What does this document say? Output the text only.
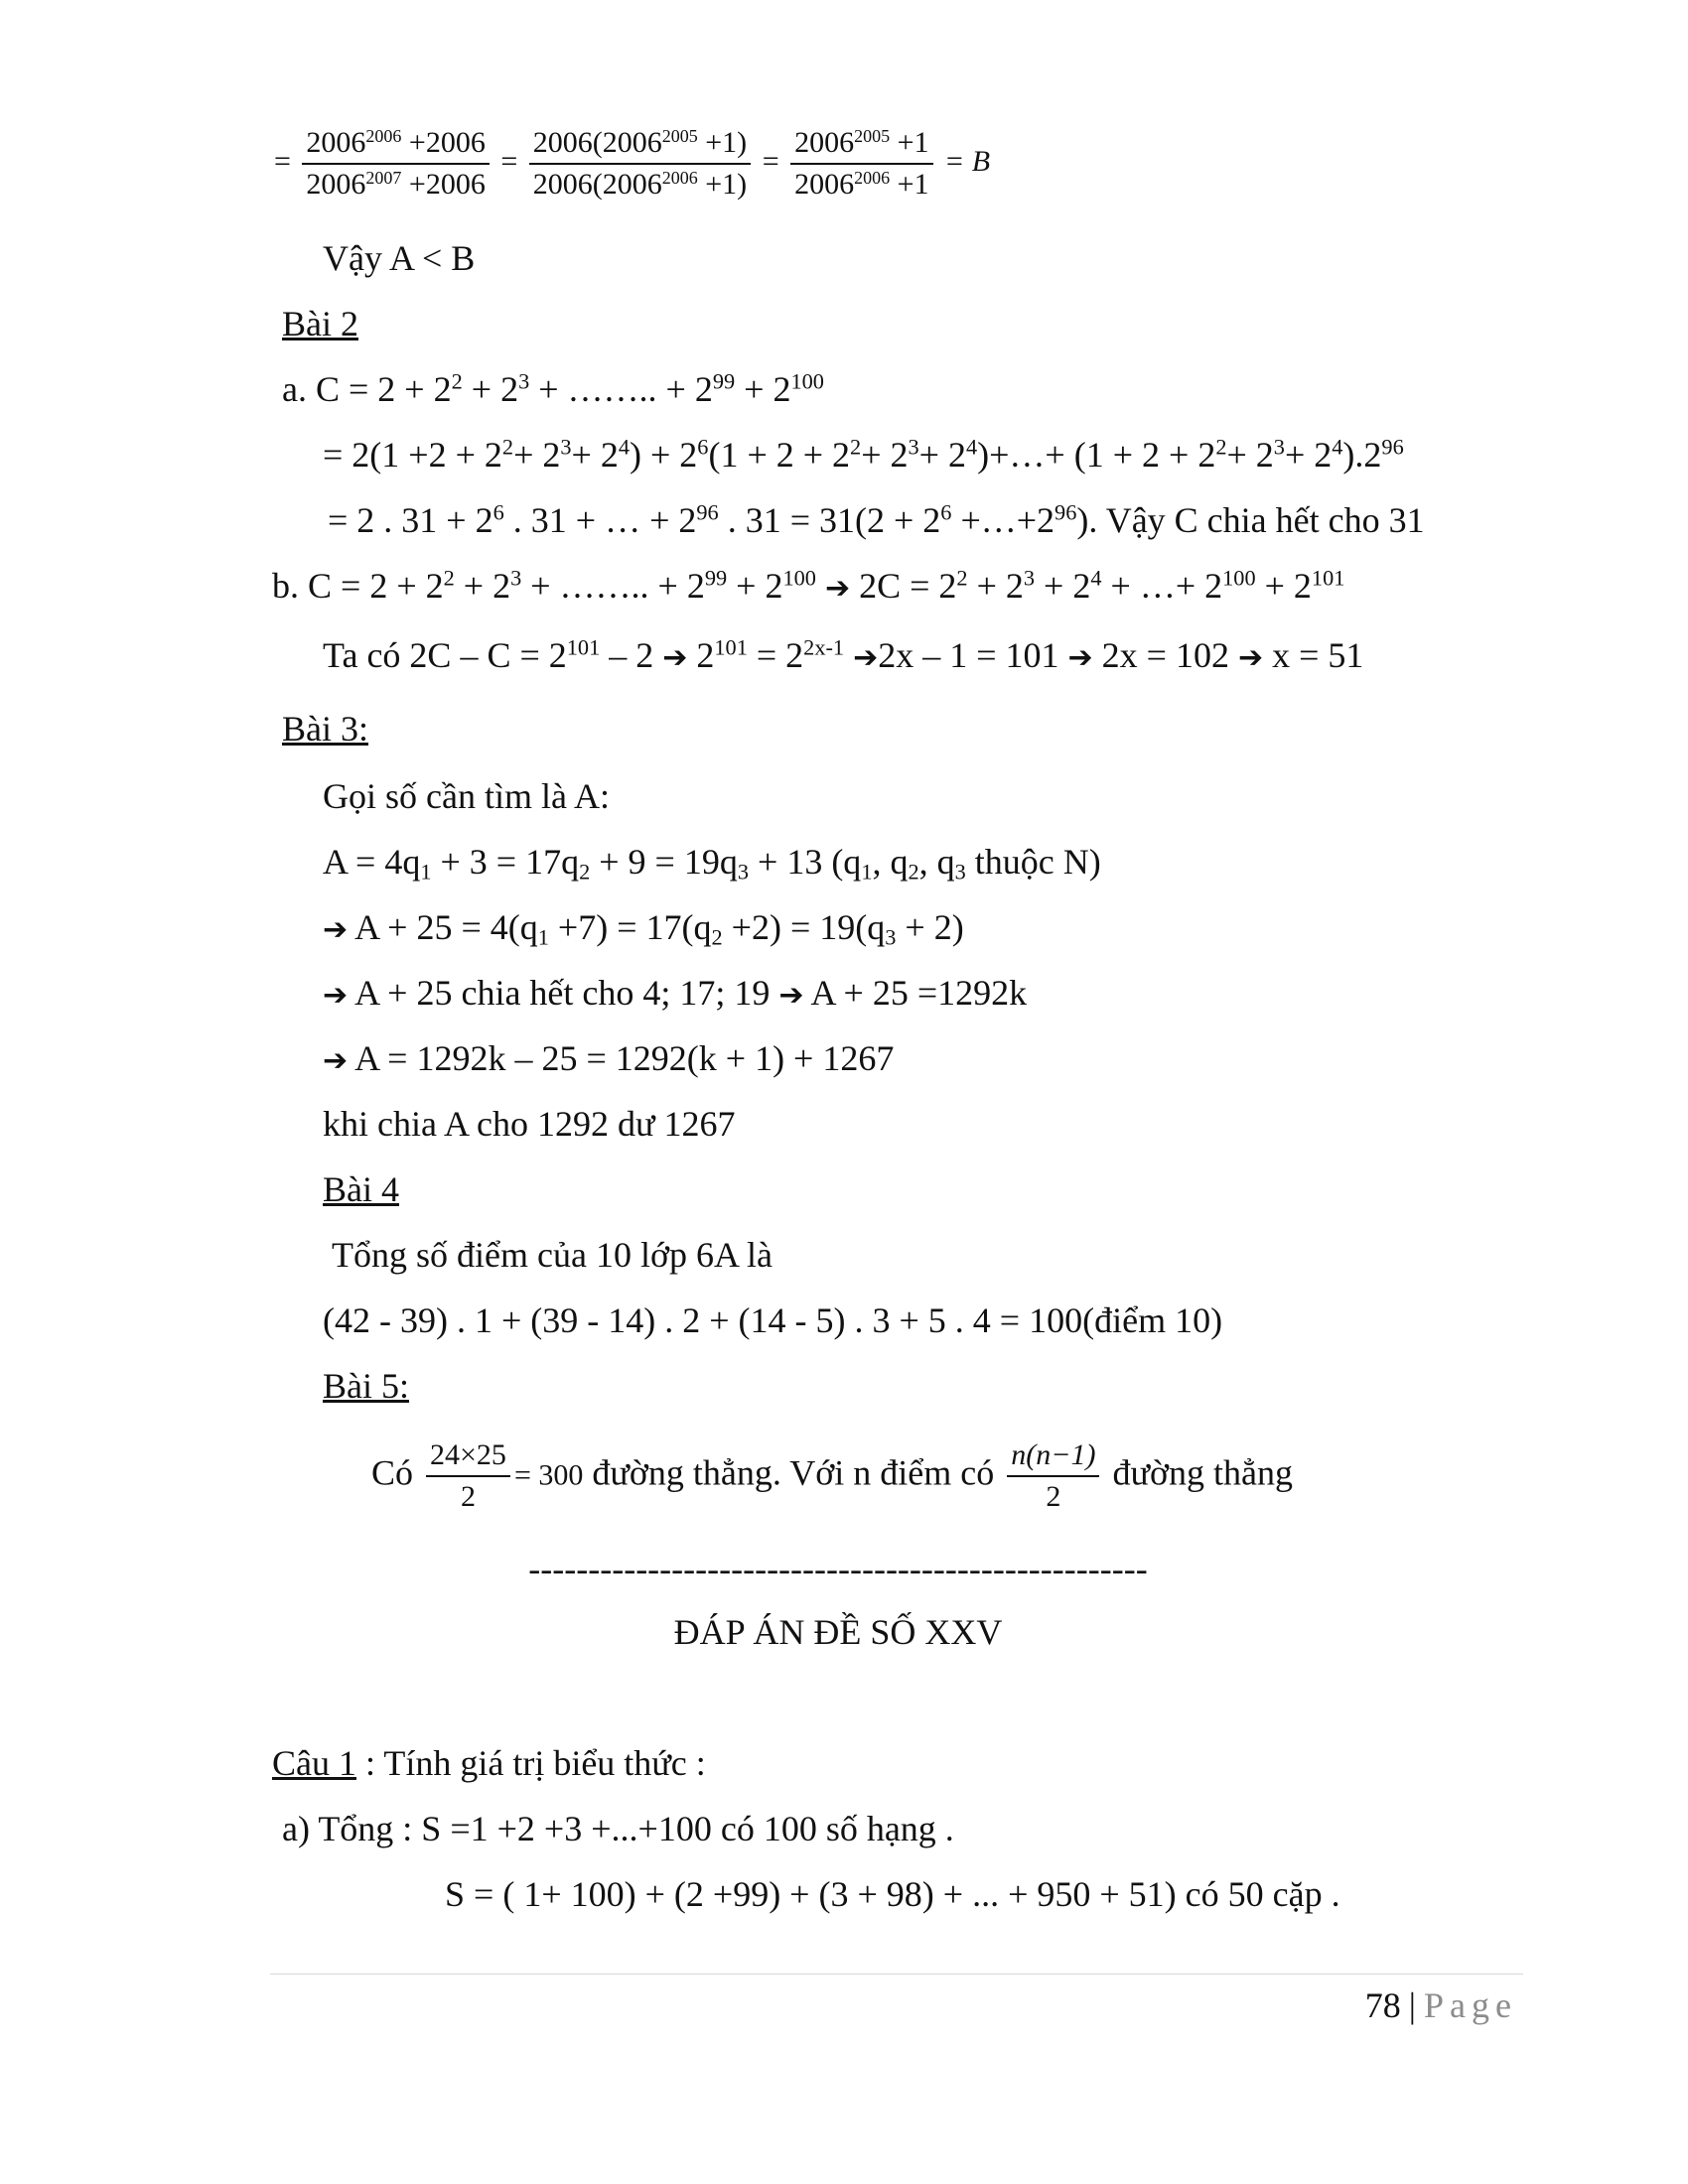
= $\frac{2006^{2006} +2006}{2006^{2007} +2006} = \frac{2006(2006^{2005} +1)}{2006(2006^{2006} +1)} = \frac{2006^{2005} +1}{2006^{2006} +1} = B$
Vậy A < B
Bài 2
a. $C = 2 + 2^2 + 2^3$ + …….. + $2^{99} + 2^{100}$
= $2(1 +2 + 2^2+ 2^3+ 2^4) + 2^6(1 + 2 + 2^2+ 2^3+$ $2^4)+\dots+ (1 + 2 + 2^2+ 2^3+ 2^4).2^{96}$
= 2 . $31 + 2^6$ . 31 + … + $2^{96}$ . $31 = 31(2 + 2^6$ $+\dots+2^{96}$). Vậy C chia hết cho 31
b. $C = 2 + 2^2 + 2^3$ + …….. + $2^{99} + 2^{100}$ ➔ $2C = 2^2 + 2^3 + 2^4$ + …+ $2^{100} + 2^{101}$
Ta có $2C - C = 2^{101} - 2$ ➔ $2^{101} = 2^{2x-1}$ ➔2x – 1 = 101 ➔ 2x = 102 ➔ x = 51
Bài 3:
Gọi số cần tìm là A:
$A = 4q_1 + 3 = 17q_2 + 9 = 19q_3 + 13$ ($q_1$, $q_2$, $q_3$ thuộc N)
➔ $A + 25 = 4(q_1 +7) = 17(q_2 +2) = 19(q_3 + 2)$
➔ A + 25 chia hết cho 4; 17; 19 ➔ A + 25 =1292k
➔ A = 1292k – 25 = 1292(k + 1) + 1267
khi chia A cho 1292 dư 1267
Bài 4
Tổng số điểm của 10 lớp 6A là
(42 - 39) . 1 + (39 - 14) . 2 + (14 - 5) . 3 + 5 . 4 = 100(điểm 10)
Bài 5:
Có $\frac{24\times 25}{2} = 300$ đường thẳng. Với n điểm có $\frac{n(n-1)}{2}$ đường thẳng
----------------------------------------------------
ĐÁP ÁN ĐỀ SỐ XXV
Câu 1 : Tính giá trị biểu thức :
a) Tổng : S =1 +2 +3 +...+100 có 100 số hạng .
S = ( 1+ 100) + (2 +99) + (3 + 98) + ... + 950 + 51) có 50 cặp .
78 | Page
